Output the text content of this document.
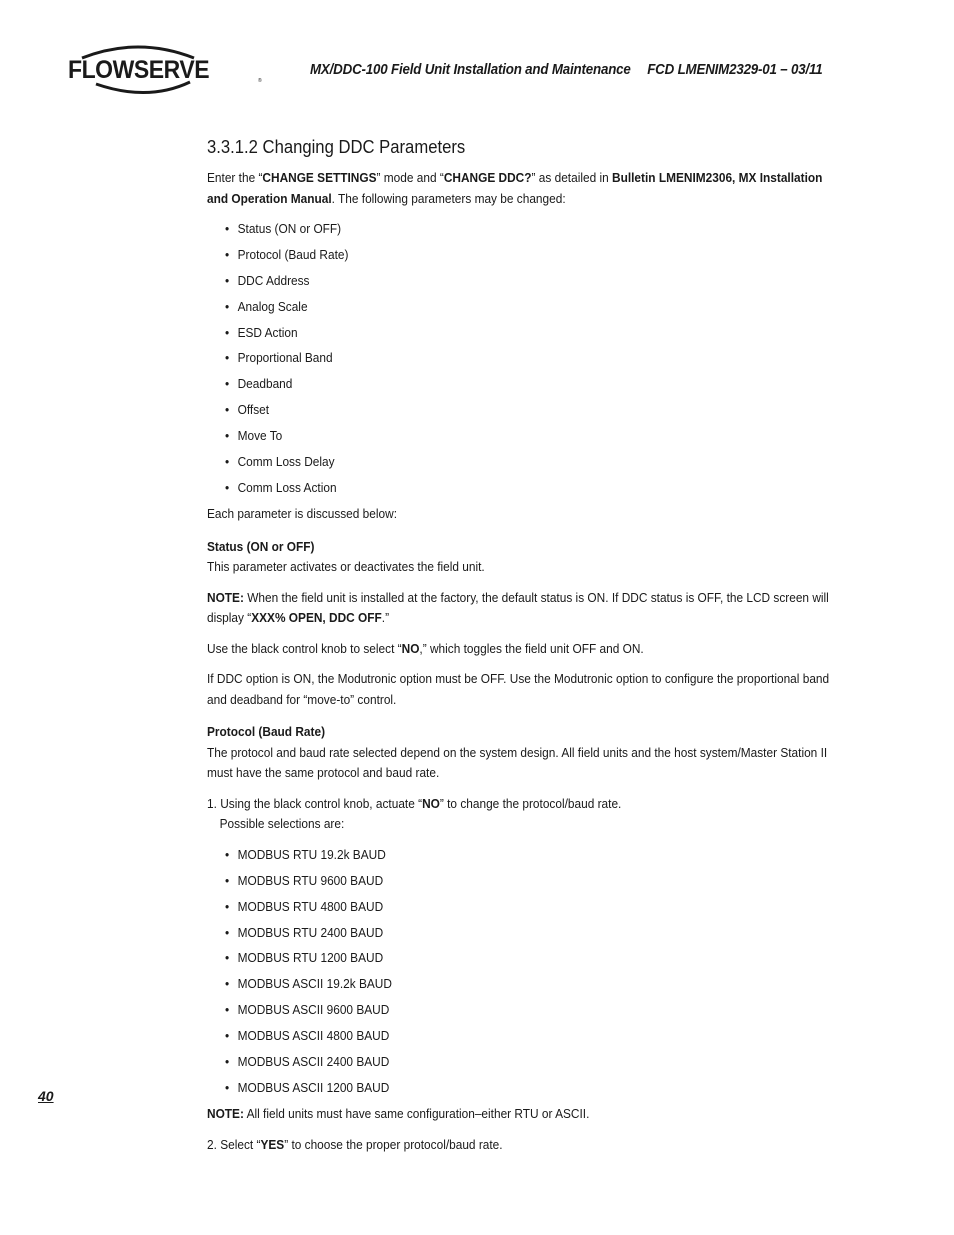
FLOWSERVE	®
MX/DDC-100 Field Unit Installation and Maintenance FCD LMENIM2329-01 – 03/11
3.3.1.2 Changing DDC Parameters

Enter the “CHANGE SETTINGS” mode and “CHANGE DDC?” as detailed in Bulletin LMENIM2306, MX Installation and Operation Manual. The following parameters may be changed:

• Status (ON or OFF)
• Protocol (Baud Rate)
• DDC Address
• Analog Scale
• ESD Action
• Proportional Band
• Deadband
• Offset
• Move To
• Comm Loss Delay
• Comm Loss Action

Each parameter is discussed below:

Status (ON or OFF)

This parameter activates or deactivates the field unit.

NOTE: When the field unit is installed at the factory, the default status is ON. If DDC status is OFF, the LCD screen will display “XXX% OPEN, DDC OFF.”

Use the black control knob to select “NO,” which toggles the field unit OFF and ON.

If DDC option is ON, the Modutronic option must be OFF. Use the Modutronic option to configure the proportional band and deadband for “move-to” control.

Protocol (Baud Rate)

The protocol and baud rate selected depend on the system design. All field units and the host system/Master Station II must have the same protocol and baud rate.

1. Using the black control knob, actuate “NO” to change the protocol/baud rate.
Possible selections are:

• MODBUS RTU 19.2k BAUD
• MODBUS RTU 9600 BAUD
• MODBUS RTU 4800 BAUD
• MODBUS RTU 2400 BAUD
• MODBUS RTU 1200 BAUD
• MODBUS ASCII 19.2k BAUD
• MODBUS ASCII 9600 BAUD
• MODBUS ASCII 4800 BAUD
• MODBUS ASCII 2400 BAUD
• MODBUS ASCII 1200 BAUD

NOTE: All field units must have same configuration–either RTU or ASCII.

2. Select “YES” to choose the proper protocol/baud rate.

40
